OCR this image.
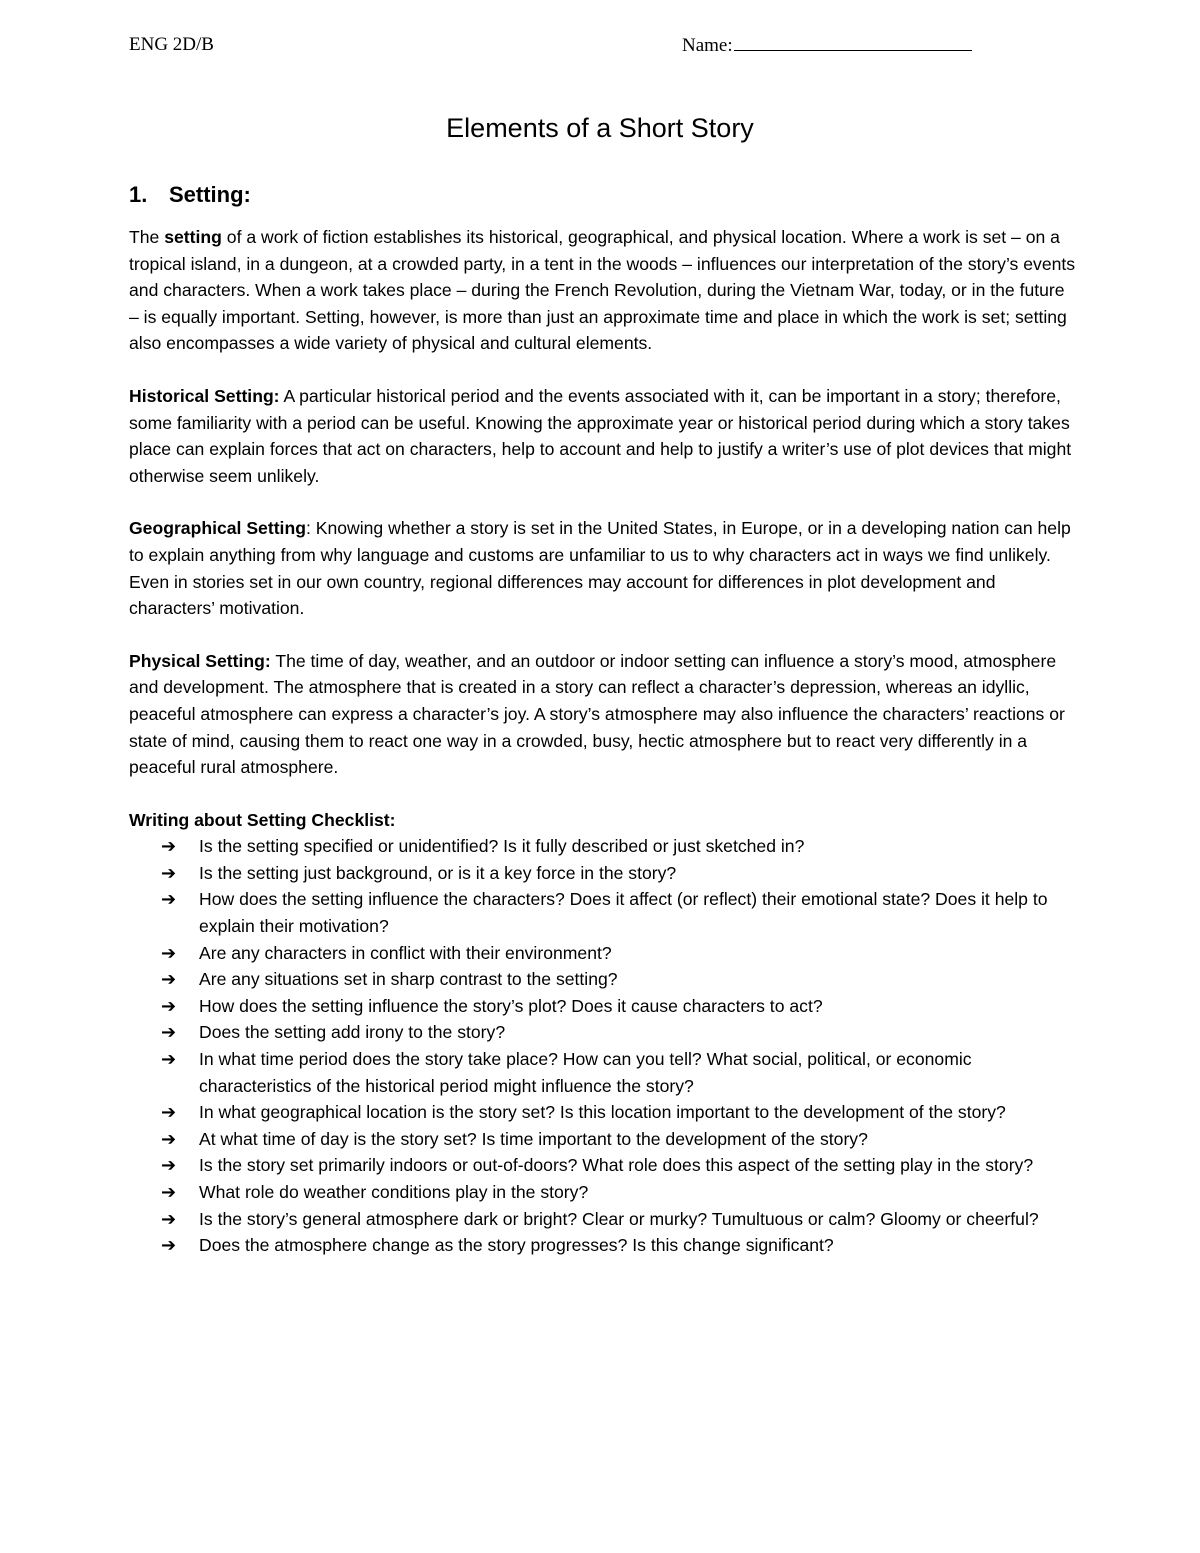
ENG 2D/B	Name:
Elements of a Short Story
1. Setting:

The setting of a work of fiction establishes its historical, geographical, and physical location. Where a work is set – on a tropical island, in a dungeon, at a crowded party, in a tent in the woods – influences our interpretation of the story’s events and characters. When a work takes place – during the French Revolution, during the Vietnam War, today, or in the future – is equally important. Setting, however, is more than just an approximate time and place in which the work is set; setting also encompasses a wide variety of physical and cultural elements.

Historical Setting: A particular historical period and the events associated with it, can be important in a story; therefore, some familiarity with a period can be useful. Knowing the approximate year or historical period during which a story takes place can explain forces that act on characters, help to account and help to justify a writer’s use of plot devices that might otherwise seem unlikely.

Geographical Setting: Knowing whether a story is set in the United States, in Europe, or in a developing nation can help to explain anything from why language and customs are unfamiliar to us to why characters act in ways we find unlikely. Even in stories set in our own country, regional differences may account for differences in plot development and characters’ motivation.

Physical Setting: The time of day, weather, and an outdoor or indoor setting can influence a story’s mood, atmosphere and development. The atmosphere that is created in a story can reflect a character’s depression, whereas an idyllic, peaceful atmosphere can express a character’s joy. A story’s atmosphere may also influence the characters’ reactions or state of mind, causing them to react one way in a crowded, busy, hectic atmosphere but to react very differently in a peaceful rural atmosphere.

Writing about Setting Checklist:
➔ Is the setting specified or unidentified? Is it fully described or just sketched in?
➔ Is the setting just background, or is it a key force in the story?
➔ How does the setting influence the characters? Does it affect (or reflect) their emotional state? Does it help to explain their motivation?
➔ Are any characters in conflict with their environment?
➔ Are any situations set in sharp contrast to the setting?
➔ How does the setting influence the story’s plot? Does it cause characters to act?
➔ Does the setting add irony to the story?
➔ In what time period does the story take place? How can you tell? What social, political, or economic characteristics of the historical period might influence the story?
➔ In what geographical location is the story set? Is this location important to the development of the story?
➔ At what time of day is the story set? Is time important to the development of the story?
➔ Is the story set primarily indoors or out-of-doors? What role does this aspect of the setting play in the story?
➔ What role do weather conditions play in the story?
➔ Is the story’s general atmosphere dark or bright? Clear or murky? Tumultuous or calm? Gloomy or cheerful?
➔ Does the atmosphere change as the story progresses? Is this change significant?
